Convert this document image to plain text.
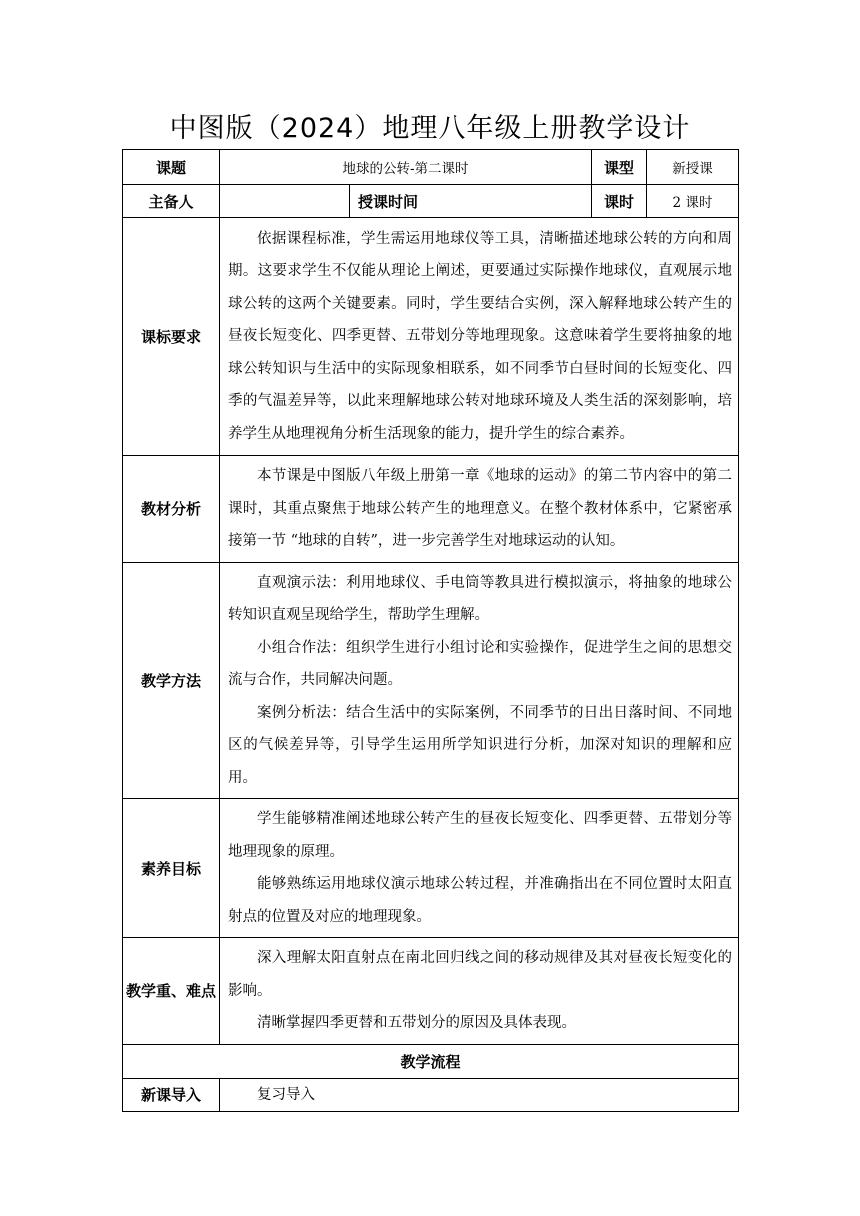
中图版（2024）地理八年级上册教学设计
课题	地球的公转-第二课时		课型	新授课
主备人		授课时间	课时	2 课时
课标要求	依据课程标准，学生需运用地球仪等工具，清晰描述地球公转的方向和周期。这要求学生不仅能从理论上阐述，更要通过实际操作地球仪，直观展示地球公转的这两个关键要素。同时，学生要结合实例，深入解释地球公转产生的昼夜长短变化、四季更替、五带划分等地理现象。这意味着学生要将抽象的地球公转知识与生活中的实际现象相联系，如不同季节白昼时间的长短变化、四季的气温差异等，以此来理解地球公转对地球环境及人类生活的深刻影响，培养学生从地理视角分析生活现象的能力，提升学生的综合素养。			

教材分析	本节课是中图版八年级上册第一章《地球的运动》的第二节内容中的第二课时，其重点聚焦于地球公转产生的地理意义。在整个教材体系中，它紧密承接第一节 “地球的自转”，进一步完善学生对地球运动的认知。			

教学方法	直观演示法：利用地球仪、手电筒等教具进行模拟演示，将抽象的地球公转知识直观呈现给学生，帮助学生理解。

小组合作法：组织学生进行小组讨论和实验操作，促进学生之间的思想交流与合作，共同解决问题。

案例分析法：结合生活中的实际案例，不同季节的日出日落时间、不同地区的气候差异等，引导学生运用所学知识进行分析，加深对知识的理解和应用。			

素养目标	学生能够精准阐述地球公转产生的昼夜长短变化、四季更替、五带划分等地理现象的原理。

能够熟练运用地球仪演示地球公转过程，并准确指出在不同位置时太阳直射点的位置及对应的地理现象。			

教学重、难点	深入理解太阳直射点在南北回归线之间的移动规律及其对昼夜长短变化的影响。

清晰掌握四季更替和五带划分的原因及具体表现。			

教学流程				
新课导入	复习导入			
